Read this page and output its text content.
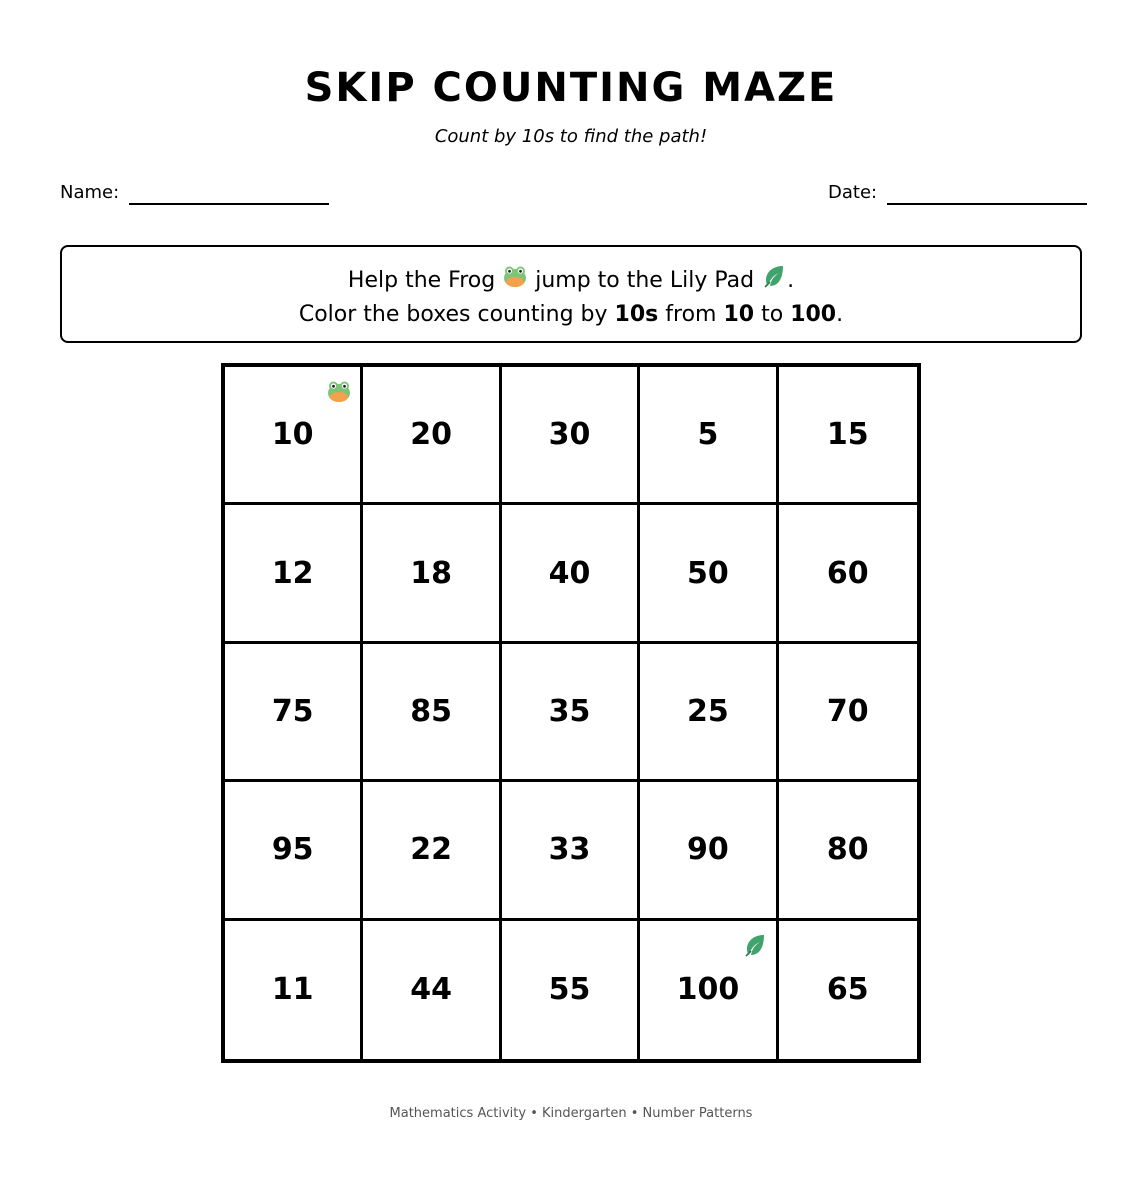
SKIP COUNTING MAZE
Count by 10s to find the path!
Name:	Date:
Help the Frog jump to the Lily Pad .
Color the boxes counting by 10s from 10 to 100.
10	20	30	5	15
12	18	40	50	60
75	85	35	25	70
95	22	33	90	80
11	44	55	100	65
Mathematics Activity • Kindergarten • Number Patterns
